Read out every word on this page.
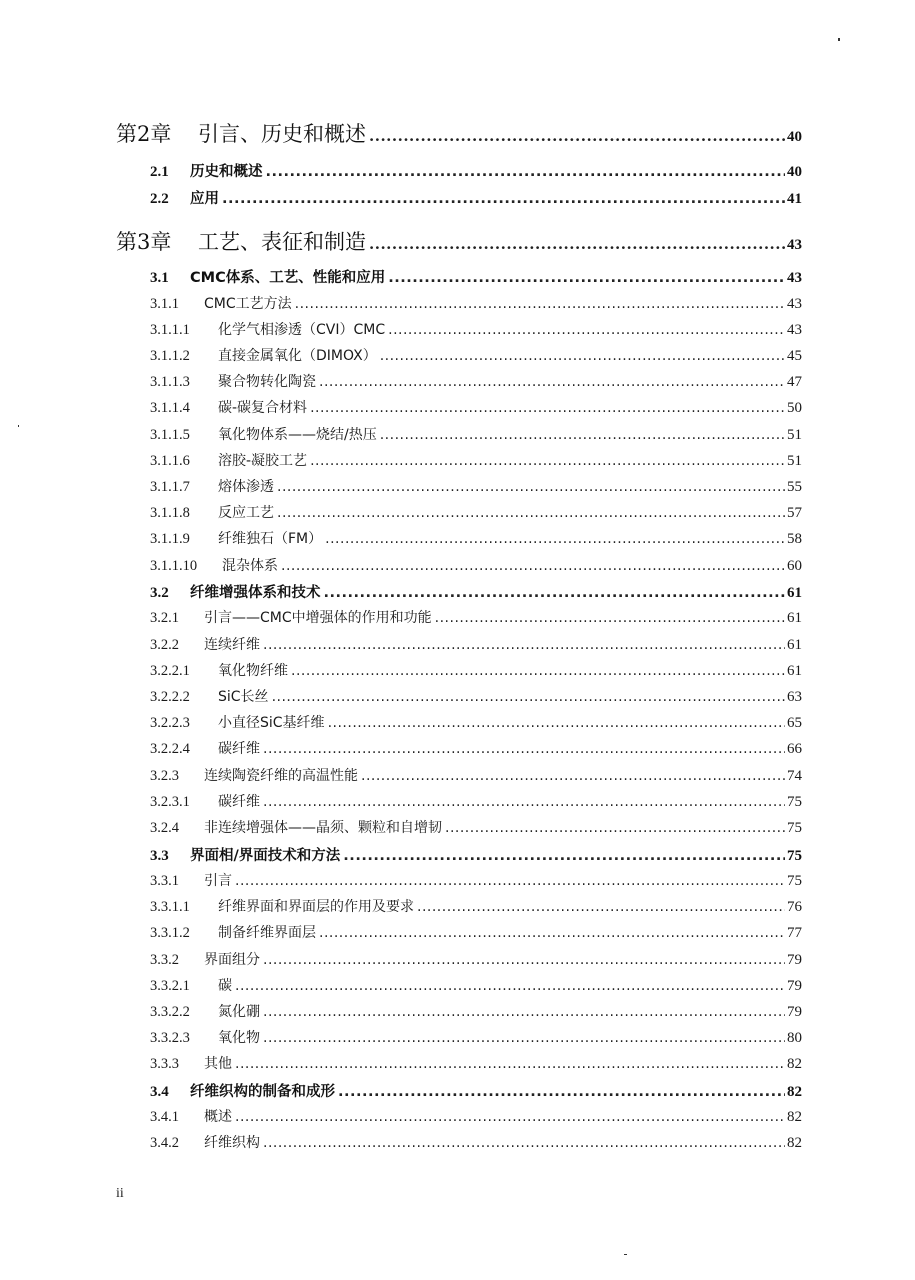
第2章	引言、历史和概述 .....	40
2.1	历史和概述 .....	40
2.2	应用 .....	41
第3章	工艺、表征和制造 .....	43
3.1	CMC体系、工艺、性能和应用 .....	43
3.1.1	CMC工艺方法 .....	43
3.1.1.1	化学气相渗透（CVI）CMC .....	43
3.1.1.2	直接金属氧化（DIMOX） .....	45
3.1.1.3	聚合物转化陶瓷 .....	47
3.1.1.4	碳-碳复合材料 .....	50
3.1.1.5	氧化物体系——烧结/热压 .....	51
3.1.1.6	溶胶-凝胶工艺 .....	51
3.1.1.7	熔体渗透 .....	55
3.1.1.8	反应工艺 .....	57
3.1.1.9	纤维独石（FM） .....	58
3.1.1.10	混杂体系 .....	60
3.2	纤维增强体系和技术 .....	61
3.2.1	引言——CMC中增强体的作用和功能 .....	61
3.2.2	连续纤维 .....	61
3.2.2.1	氧化物纤维 .....	61
3.2.2.2	SiC长丝 .....	63
3.2.2.3	小直径SiC基纤维 .....	65
3.2.2.4	碳纤维 .....	66
3.2.3	连续陶瓷纤维的高温性能 .....	74
3.2.3.1	碳纤维 .....	75
3.2.4	非连续增强体——晶须、颗粒和自增韧 .....	75
3.3	界面相/界面技术和方法 .....	75
3.3.1	引言 .....	75
3.3.1.1	纤维界面和界面层的作用及要求 .....	76
3.3.1.2	制备纤维界面层 .....	77
3.3.2	界面组分 .....	79
3.3.2.1	碳 .....	79
3.3.2.2	氮化硼 .....	79
3.3.2.3	氧化物 .....	80
3.3.3	其他 .....	82
3.4	纤维织构的制备和成形 .....	82
3.4.1	概述 .....	82
3.4.2	纤维织构 .....	82
ii
